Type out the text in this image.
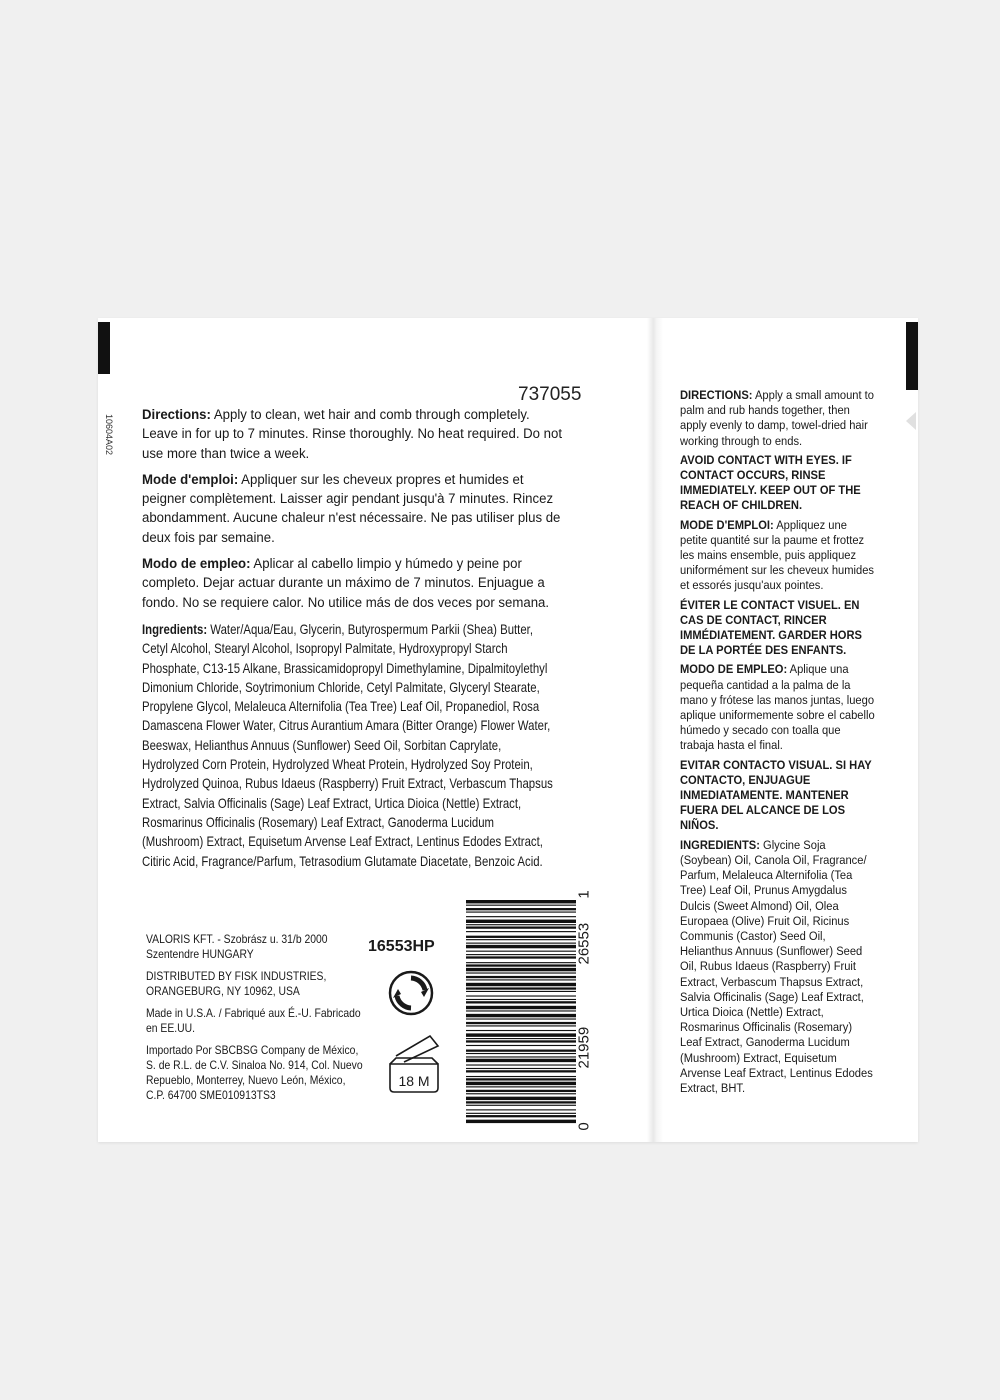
10604A02
737055

Directions: Apply to clean, wet hair and comb through completely. Leave in for up to 7 minutes. Rinse thoroughly. No heat required. Do not use more than twice a week.

Mode d'emploi: Appliquer sur les cheveux propres et humides et peigner complètement. Laisser agir pendant jusqu'à 7 minutes. Rincez abondamment. Aucune chaleur n'est nécessaire. Ne pas utiliser plus de deux fois par semaine.

Modo de empleo: Aplicar al cabello limpio y húmedo y peine por completo. Dejar actuar durante un máximo de 7 minutos. Enjuague a fondo. No se requiere calor. No utilice más de dos veces por semana.

Ingredients: Water/Aqua/Eau, Glycerin, Butyrospermum Parkii (Shea) Butter, Cetyl Alcohol, Stearyl Alcohol, Isopropyl Palmitate, Hydroxypropyl Starch Phosphate, C13-15 Alkane, Brassicamidopropyl Dimethylamine, Dipalmitoylethyl Dimonium Chloride, Soytrimonium Chloride, Cetyl Palmitate, Glyceryl Stearate, Propylene Glycol, Melaleuca Alternifolia (Tea Tree) Leaf Oil, Propanediol, Rosa Damascena Flower Water, Citrus Aurantium Amara (Bitter Orange) Flower Water, Beeswax, Helianthus Annuus (Sunflower) Seed Oil, Sorbitan Caprylate, Hydrolyzed Corn Protein, Hydrolyzed Wheat Protein, Hydrolyzed Soy Protein, Hydrolyzed Quinoa, Rubus Idaeus (Raspberry) Fruit Extract, Verbascum Thapsus Extract, Salvia Officinalis (Sage) Leaf Extract, Urtica Dioica (Nettle) Extract, Rosmarinus Officinalis (Rosemary) Leaf Extract, Ganoderma Lucidum (Mushroom) Extract, Equisetum Arvense Leaf Extract, Lentinus Edodes Extract, Citiric Acid, Fragrance/Parfum, Tetrasodium Glutamate Diacetate, Benzoic Acid.

VALORIS KFT. - Szobrász u. 31/b 2000 Szentendre HUNGARY

DISTRIBUTED BY FISK INDUSTRIES, ORANGEBURG, NY 10962, USA

Made in U.S.A. / Fabriqué aux É.-U. Fabricado en EE.UU.

Importado Por SBCBSG Company de México, S. de R.L. de C.V. Sinaloa No. 914, Col. Nuevo Repueblo, Monterrey, Nuevo León, México, C.P. 64700 SME010913TS3

16553HP
18 M
0
21959
26553
1

DIRECTIONS: Apply a small amount to palm and rub hands together, then apply evenly to damp, towel-dried hair working through to ends.

AVOID CONTACT WITH EYES. IF CONTACT OCCURS, RINSE IMMEDIATELY. KEEP OUT OF THE REACH OF CHILDREN.

MODE D'EMPLOI: Appliquez une petite quantité sur la paume et frottez les mains ensemble, puis appliquez uniformément sur les cheveux humides et essorés jusqu'aux pointes.

ÉVITER LE CONTACT VISUEL. EN CAS DE CONTACT, RINCER IMMÉDIATEMENT. GARDER HORS DE LA PORTÉE DES ENFANTS.

MODO DE EMPLEO: Aplique una pequeña cantidad a la palma de la mano y frótese las manos juntas, luego aplique uniformemente sobre el cabello húmedo y secado con toalla que trabaja hasta el final.

EVITAR CONTACTO VISUAL. SI HAY CONTACTO, ENJUAGUE INMEDIATAMENTE. MANTENER FUERA DEL ALCANCE DE LOS NIÑOS.

INGREDIENTS: Glycine Soja (Soybean) Oil, Canola Oil, Fragrance/ Parfum, Melaleuca Alternifolia (Tea Tree) Leaf Oil, Prunus Amygdalus Dulcis (Sweet Almond) Oil, Olea Europaea (Olive) Fruit Oil, Ricinus Communis (Castor) Seed Oil, Helianthus Annuus (Sunflower) Seed Oil, Rubus Idaeus (Raspberry) Fruit Extract, Verbascum Thapsus Extract, Salvia Officinalis (Sage) Leaf Extract, Urtica Dioica (Nettle) Extract, Rosmarinus Officinalis (Rosemary) Leaf Extract, Ganoderma Lucidum (Mushroom) Extract, Equisetum Arvense Leaf Extract, Lentinus Edodes Extract, BHT.
